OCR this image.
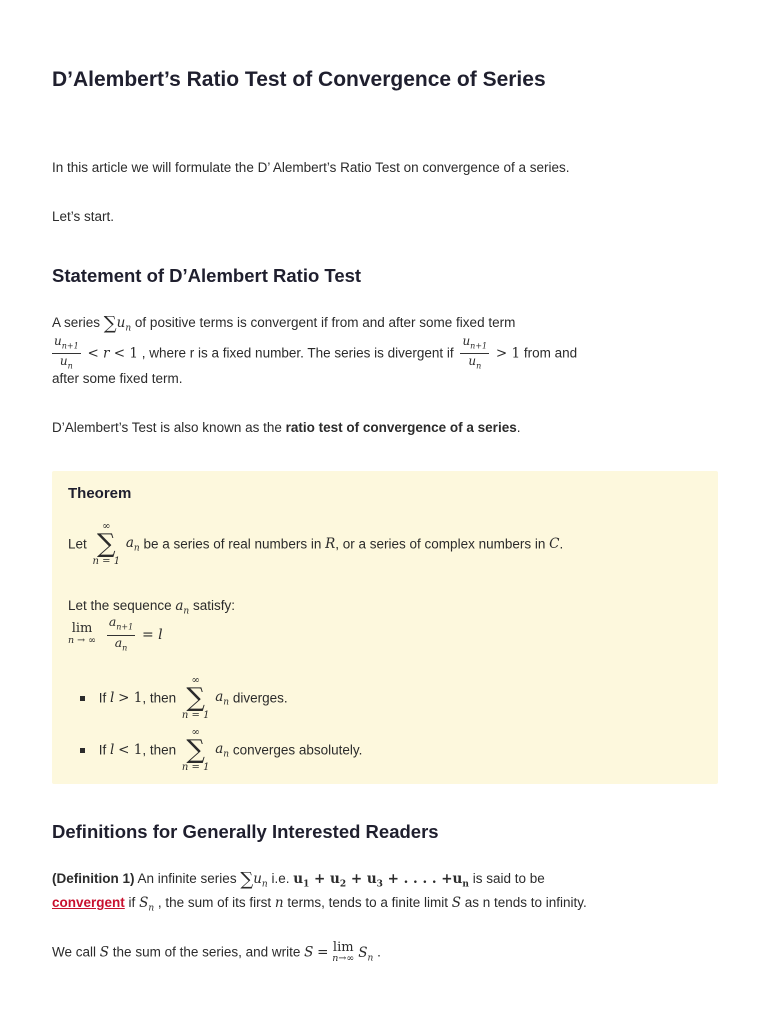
D’Alembert’s Ratio Test of Convergence of Series
In this article we will formulate the D’ Alembert’s Ratio Test on convergence of a series.
Let’s start.
Statement of D’Alembert Ratio Test
A series $\sum u_n$ of positive terms is convergent if from and after some fixed term
$\frac{u_{n+1}}{u_n} < r < 1$ , where r is a fixed number. The series is divergent if $\frac{u_{n+1}}{u_n} > 1$ from and
after some fixed term.
D’Alembert’s Test is also known as the ratio test of convergence of a series.
Theorem
Let
∞
∑
n = 1
$a_n$ be a series of real numbers in R, or a series of complex numbers in C.
Let the sequence $a_n$ satisfy:
lim
n → ∞
$\frac{a_{n+1}}{a_n} = l$
If l > 1, then
∞
∑
n = 1
$a_n$ diverges.
If l < 1, then
∞
∑
n = 1
$a_n$ converges absolutely.
Definitions for Generally Interested Readers
(Definition 1) An infinite series $\sum u_n$ i.e. $u_1 + u_2 + u_3$ + . . . . $+u_n$ is said to be
convergent if $S_n$ , the sum of its first n terms, tends to a finite limit S as n tends to infinity.
We call S the sum of the series, and write S = lim
n→∞ $S_n$ .
